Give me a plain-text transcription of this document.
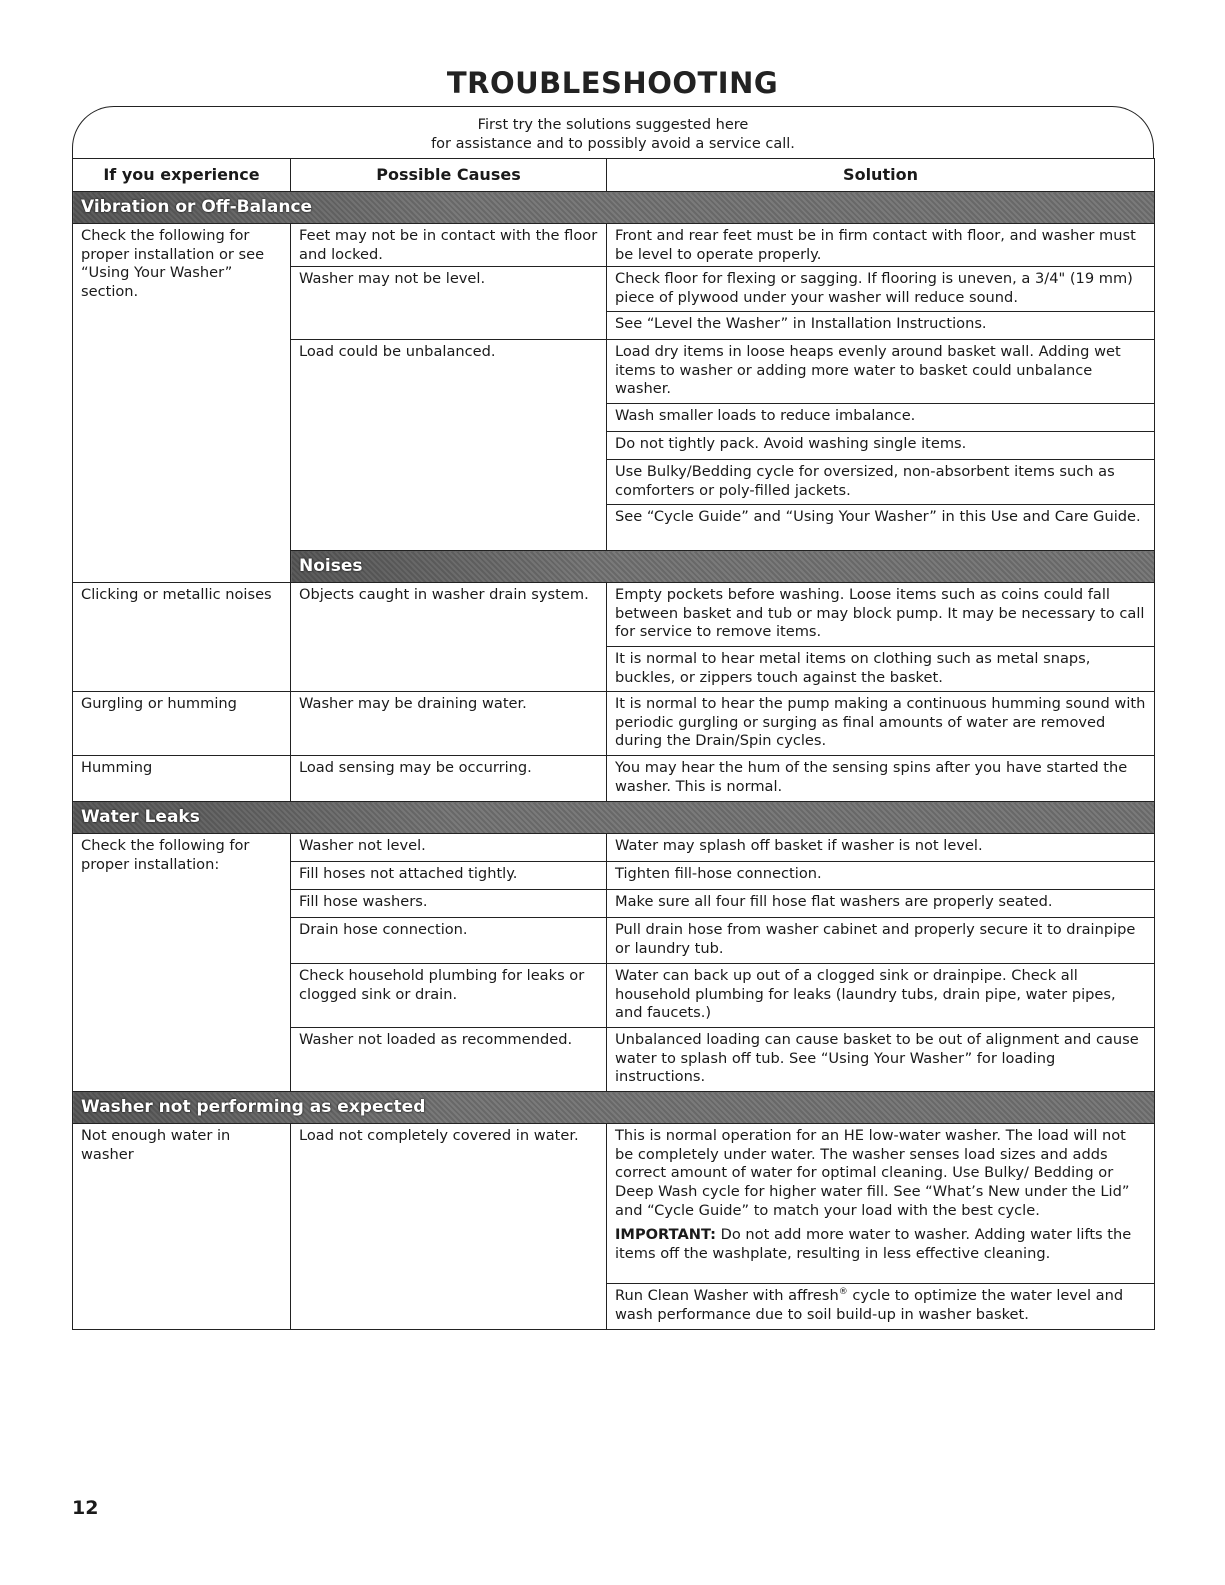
TROUBLESHOOTING
First try the solutions suggested here
for assistance and to possibly avoid a service call.
If you experience	Possible Causes	Solution
Vibration or Off-Balance		
Check the following for proper installation or see “Using Your Washer” section.	Feet may not be in contact with the floor and locked.	Front and rear feet must be in firm contact with floor, and washer must be level to operate properly.
	Washer may not be level.	Check floor for flexing or sagging. If flooring is uneven, a 3/4" (19 mm) piece of plywood under your washer will reduce sound.
		See “Level the Washer” in Installation Instructions.
	Load could be unbalanced.	Load dry items in loose heaps evenly around basket wall. Adding wet items to washer or adding more water to basket could unbalance washer.
		Wash smaller loads to reduce imbalance.
		Do not tightly pack. Avoid washing single items.
		Use Bulky/Bedding cycle for oversized, non-absorbent items such as comforters or poly-filled jackets.
		See “Cycle Guide” and “Using Your Washer” in this Use and Care Guide.
	Noises	
Clicking or metallic noises	Objects caught in washer drain system.	Empty pockets before washing. Loose items such as coins could fall between basket and tub or may block pump. It may be necessary to call for service to remove items.
		It is normal to hear metal items on clothing such as metal snaps, buckles, or zippers touch against the basket.
Gurgling or humming	Washer may be draining water.	It is normal to hear the pump making a continuous humming sound with periodic gurgling or surging as final amounts of water are removed during the Drain/Spin cycles.
Humming	Load sensing may be occurring.	You may hear the hum of the sensing spins after you have started the washer. This is normal.
Water Leaks		
Check the following for proper installation:	Washer not level.	Water may splash off basket if washer is not level.
	Fill hoses not attached tightly.	Tighten fill-hose connection.
	Fill hose washers.	Make sure all four fill hose flat washers are properly seated.
	Drain hose connection.	Pull drain hose from washer cabinet and properly secure it to drainpipe or laundry tub.
	Check household plumbing for leaks or clogged sink or drain.	Water can back up out of a clogged sink or drainpipe. Check all household plumbing for leaks (laundry tubs, drain pipe, water pipes, and faucets.)
	Washer not loaded as recommended.	Unbalanced loading can cause basket to be out of alignment and cause water to splash off tub. See “Using Your Washer” for loading instructions.
Washer not performing as expected		
Not enough water in washer	Load not completely covered in water.	This is normal operation for an HE low-water washer. The load will not be completely under water. The washer senses load sizes and adds correct amount of water for optimal cleaning. Use Bulky/ Bedding or Deep Wash cycle for higher water fill. See “What’s New under the Lid” and “Cycle Guide” to match your load with the best cycle.
IMPORTANT: Do not add more water to washer. Adding water lifts the items off the washplate, resulting in less effective cleaning.

		Run Clean Washer with affresh® cycle to optimize the water level and wash performance due to soil build-up in washer basket.
12
